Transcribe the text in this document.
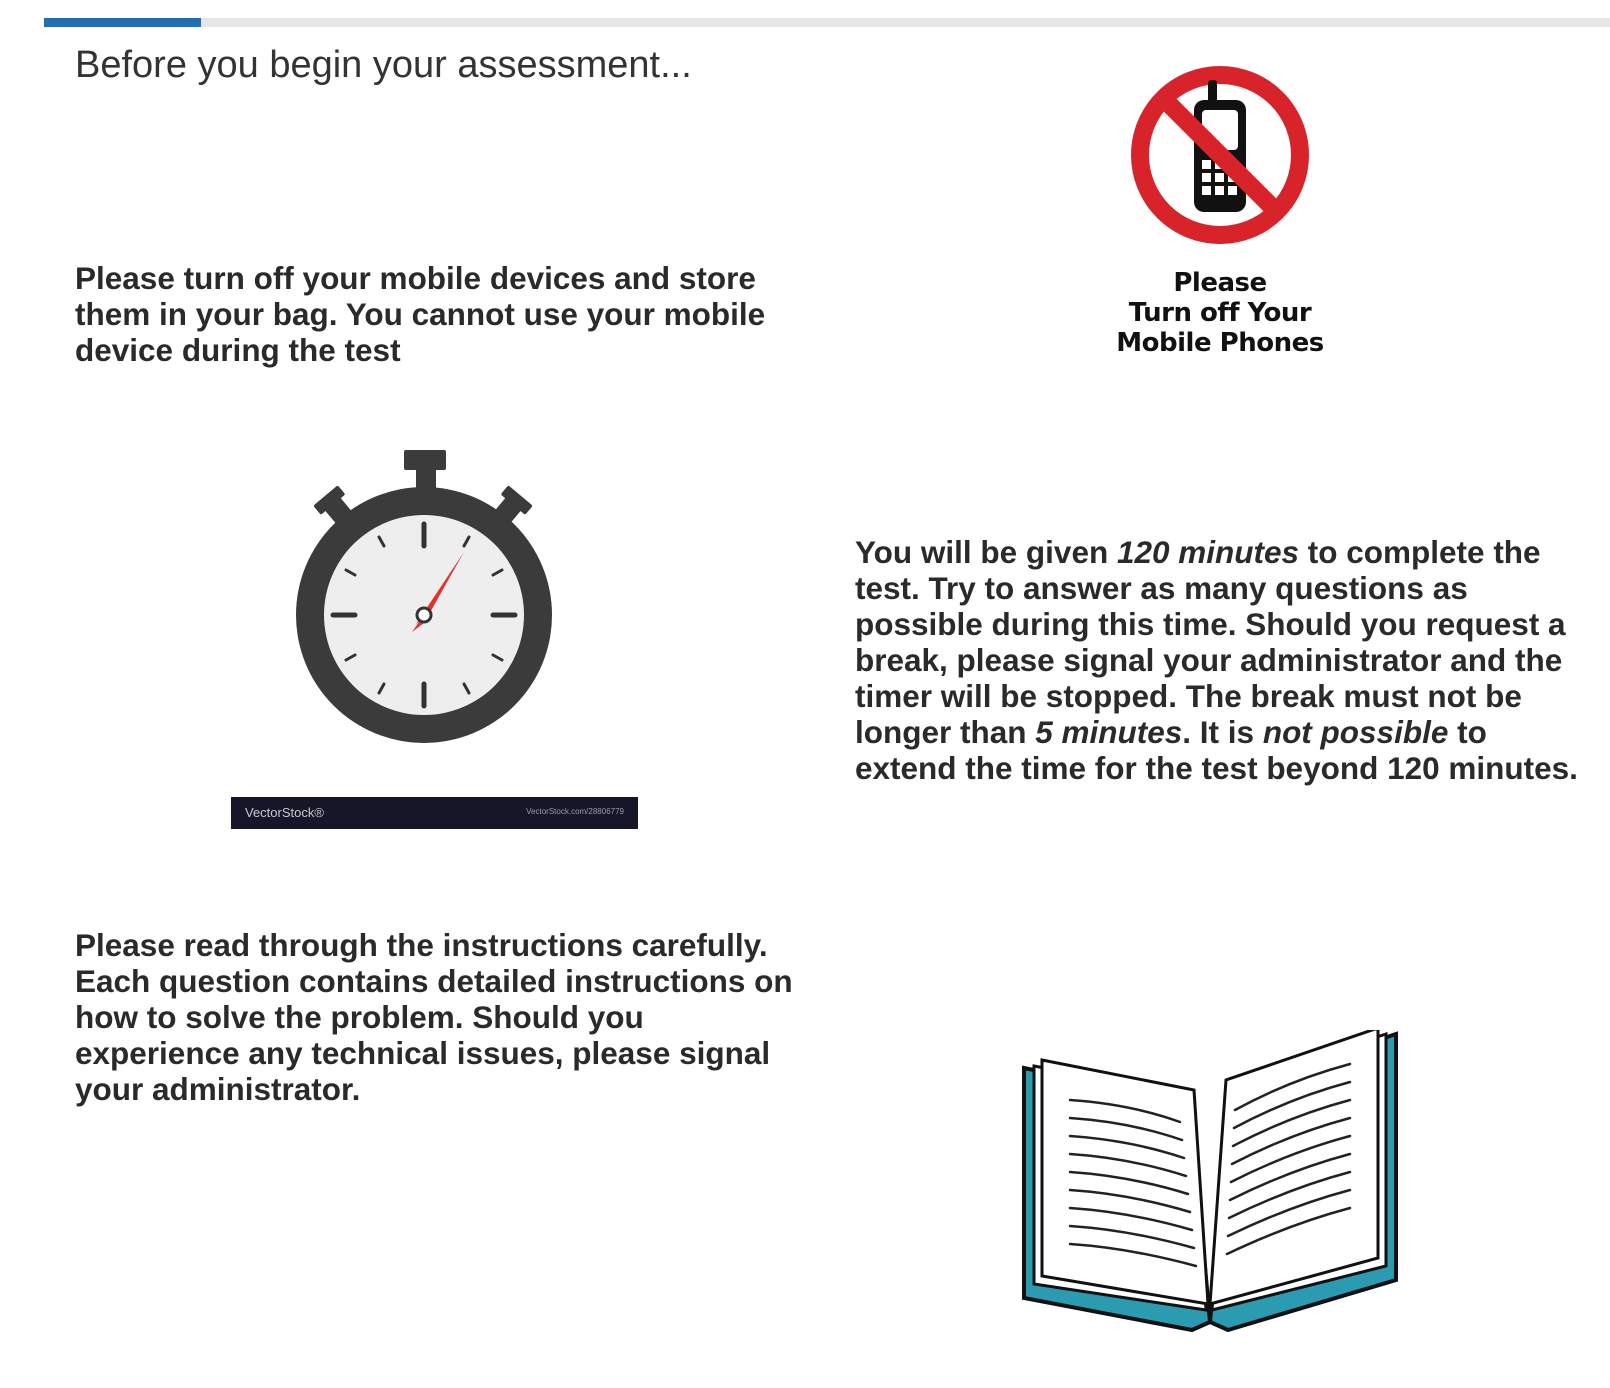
Before you begin your assessment...

Please turn off your mobile devices and store them in your bag. You cannot use your mobile device during the test

Please
Turn off Your
Mobile Phones
VectorStock®	VectorStock.com/28806779

You will be given 120 minutes to complete the test. Try to answer as many questions as possible during this time. Should you request a break, please signal your administrator and the timer will be stopped. The break must not be longer than 5 minutes. It is not possible to extend the time for the test beyond 120 minutes.

Please read through the instructions carefully. Each question contains detailed instructions on how to solve the problem. Should you experience any technical issues, please signal your administrator.
